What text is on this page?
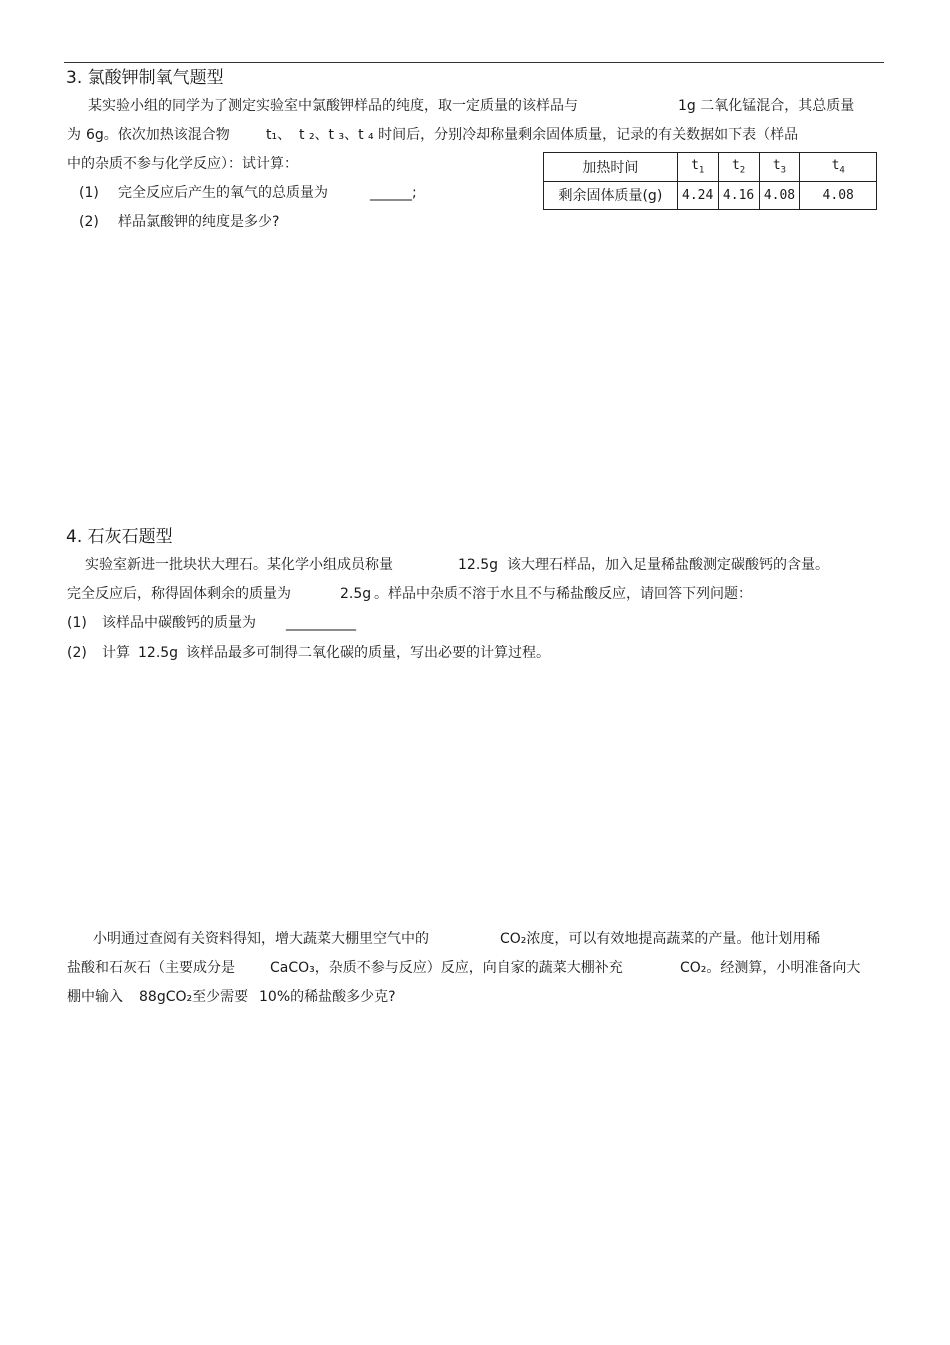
3. 氯酸钾制氧气题型
某实验小组的同学为了测定实验室中氯酸钾样品的纯度，取一定质量的该样品与	1g 二氧化锰混合，其总质量
为 6g。依次加热该混合物	t₁、 t ₂、t ₃、t ₄ 时间后，分别冷却称量剩余固体质量，记录的有关数据如下表（样品
中的杂质不参与化学反应）：试计算：
(1) 完全反应后产生的氧气的总质量为	______;
(2) 样品氯酸钾的纯度是多少?
加热时间	$t_1$	$t_2$	$t_3$	$t_4$
剩余固体质量(g)	4.24	4.16	4.08	4.08
4. 石灰石题型
实验室新进一批块状大理石。某化学小组成员称量	12.5g 该大理石样品，加入足量稀盐酸测定碳酸钙的含量。
完全反应后，称得固体剩余的质量为	2.5g 。样品中杂质不溶于水且不与稀盐酸反应，请回答下列问题：
(1) 该样品中碳酸钙的质量为 __________
(2) 计算 12.5g 该样品最多可制得二氧化碳的质量，写出必要的计算过程。
小明通过查阅有关资料得知，增大蔬菜大棚里空气中的	CO₂浓度，可以有效地提高蔬菜的产量。他计划用稀
盐酸和石灰石（主要成分是	CaCO₃，杂质不参与反应）反应，向自家的蔬菜大棚补充	CO₂。经测算，小明准备向大
棚中输入 88gCO₂至少需要 10%的稀盐酸多少克?
